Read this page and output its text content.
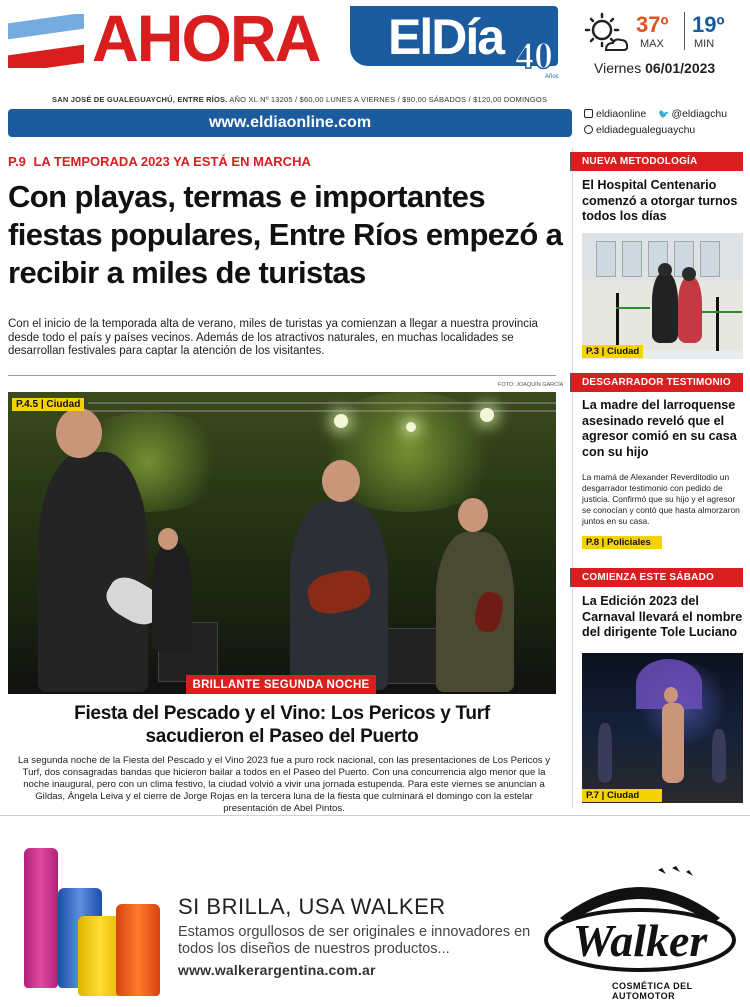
AHORA ElDía 40
Años
37º
MAX
19º
MIN
Viernes 06/01/2023
SAN JOSÉ DE GUALEGUAYCHÚ, ENTRE RÍOS. AÑO XL Nº 13205 / $60,00 LUNES A VIERNES / $90,00 SÁBADOS / $120,00 DOMINGOS
www.eldiaonline.com	eldiaonline 🐦 @eldiagchu
eldiadegualeguaychu
P.9 LA TEMPORADA 2023 YA ESTÁ EN MARCHA
Con playas, termas e importantes fiestas populares, Entre Ríos empezó a recibir a miles de turistas

Con el inicio de la temporada alta de verano, miles de turistas ya comienzan a llegar a nuestra provincia desde todo el país y países vecinos. Además de los atractivos naturales, en muchas localidades se desarrollan festivales para captar la atención de los visitantes.

FOTO: JOAQUÍN GARCÍA
P.4.5 | Ciudad
BRILLANTE SEGUNDA NOCHE
Fiesta del Pescado y el Vino: Los Pericos y Turf sacudieron el Paseo del Puerto

La segunda noche de la Fiesta del Pescado y el Vino 2023 fue a puro rock nacional, con las presentaciones de Los Pericos y Turf, dos consagradas bandas que hicieron bailar a todos en el Paseo del Puerto. Con una concurrencia algo menor que la noche inaugural, pero con un clima festivo, la ciudad volvió a vivir una jornada estupenda. Para este viernes se anuncian a Gildas, Ángela Leiva y el cierre de Jorge Rojas en la tercera luna de la fiesta que culminará el domingo con la estelar presentación de Abel Pintos.

NUEVA METODOLOGÍA
El Hospital Centenario comenzó a otorgar turnos todos los días
P.3 | Ciudad
DESGARRADOR TESTIMONIO
La madre del larroquense asesinado reveló que el agresor comió en su casa con su hijo
La mamá de Alexander Reverditodio un desgarrador testimonio con pedido de justicia. Confirmó que su hijo y el agresor se conocían y contó que hasta almorzaron juntos en su casa.
P.8 | Policiales
COMIENZA ESTE SÁBADO
La Edición 2023 del Carnaval llevará el nombre del dirigente Tole Luciano
P.7 | Ciudad
SI BRILLA, USA WALKER
Estamos orgullosos de ser originales e innovadores en todos los diseños de nuestros productos...
www.walkerargentina.com.ar
Walker
COSMÉTICA DEL AUTOMOTOR
